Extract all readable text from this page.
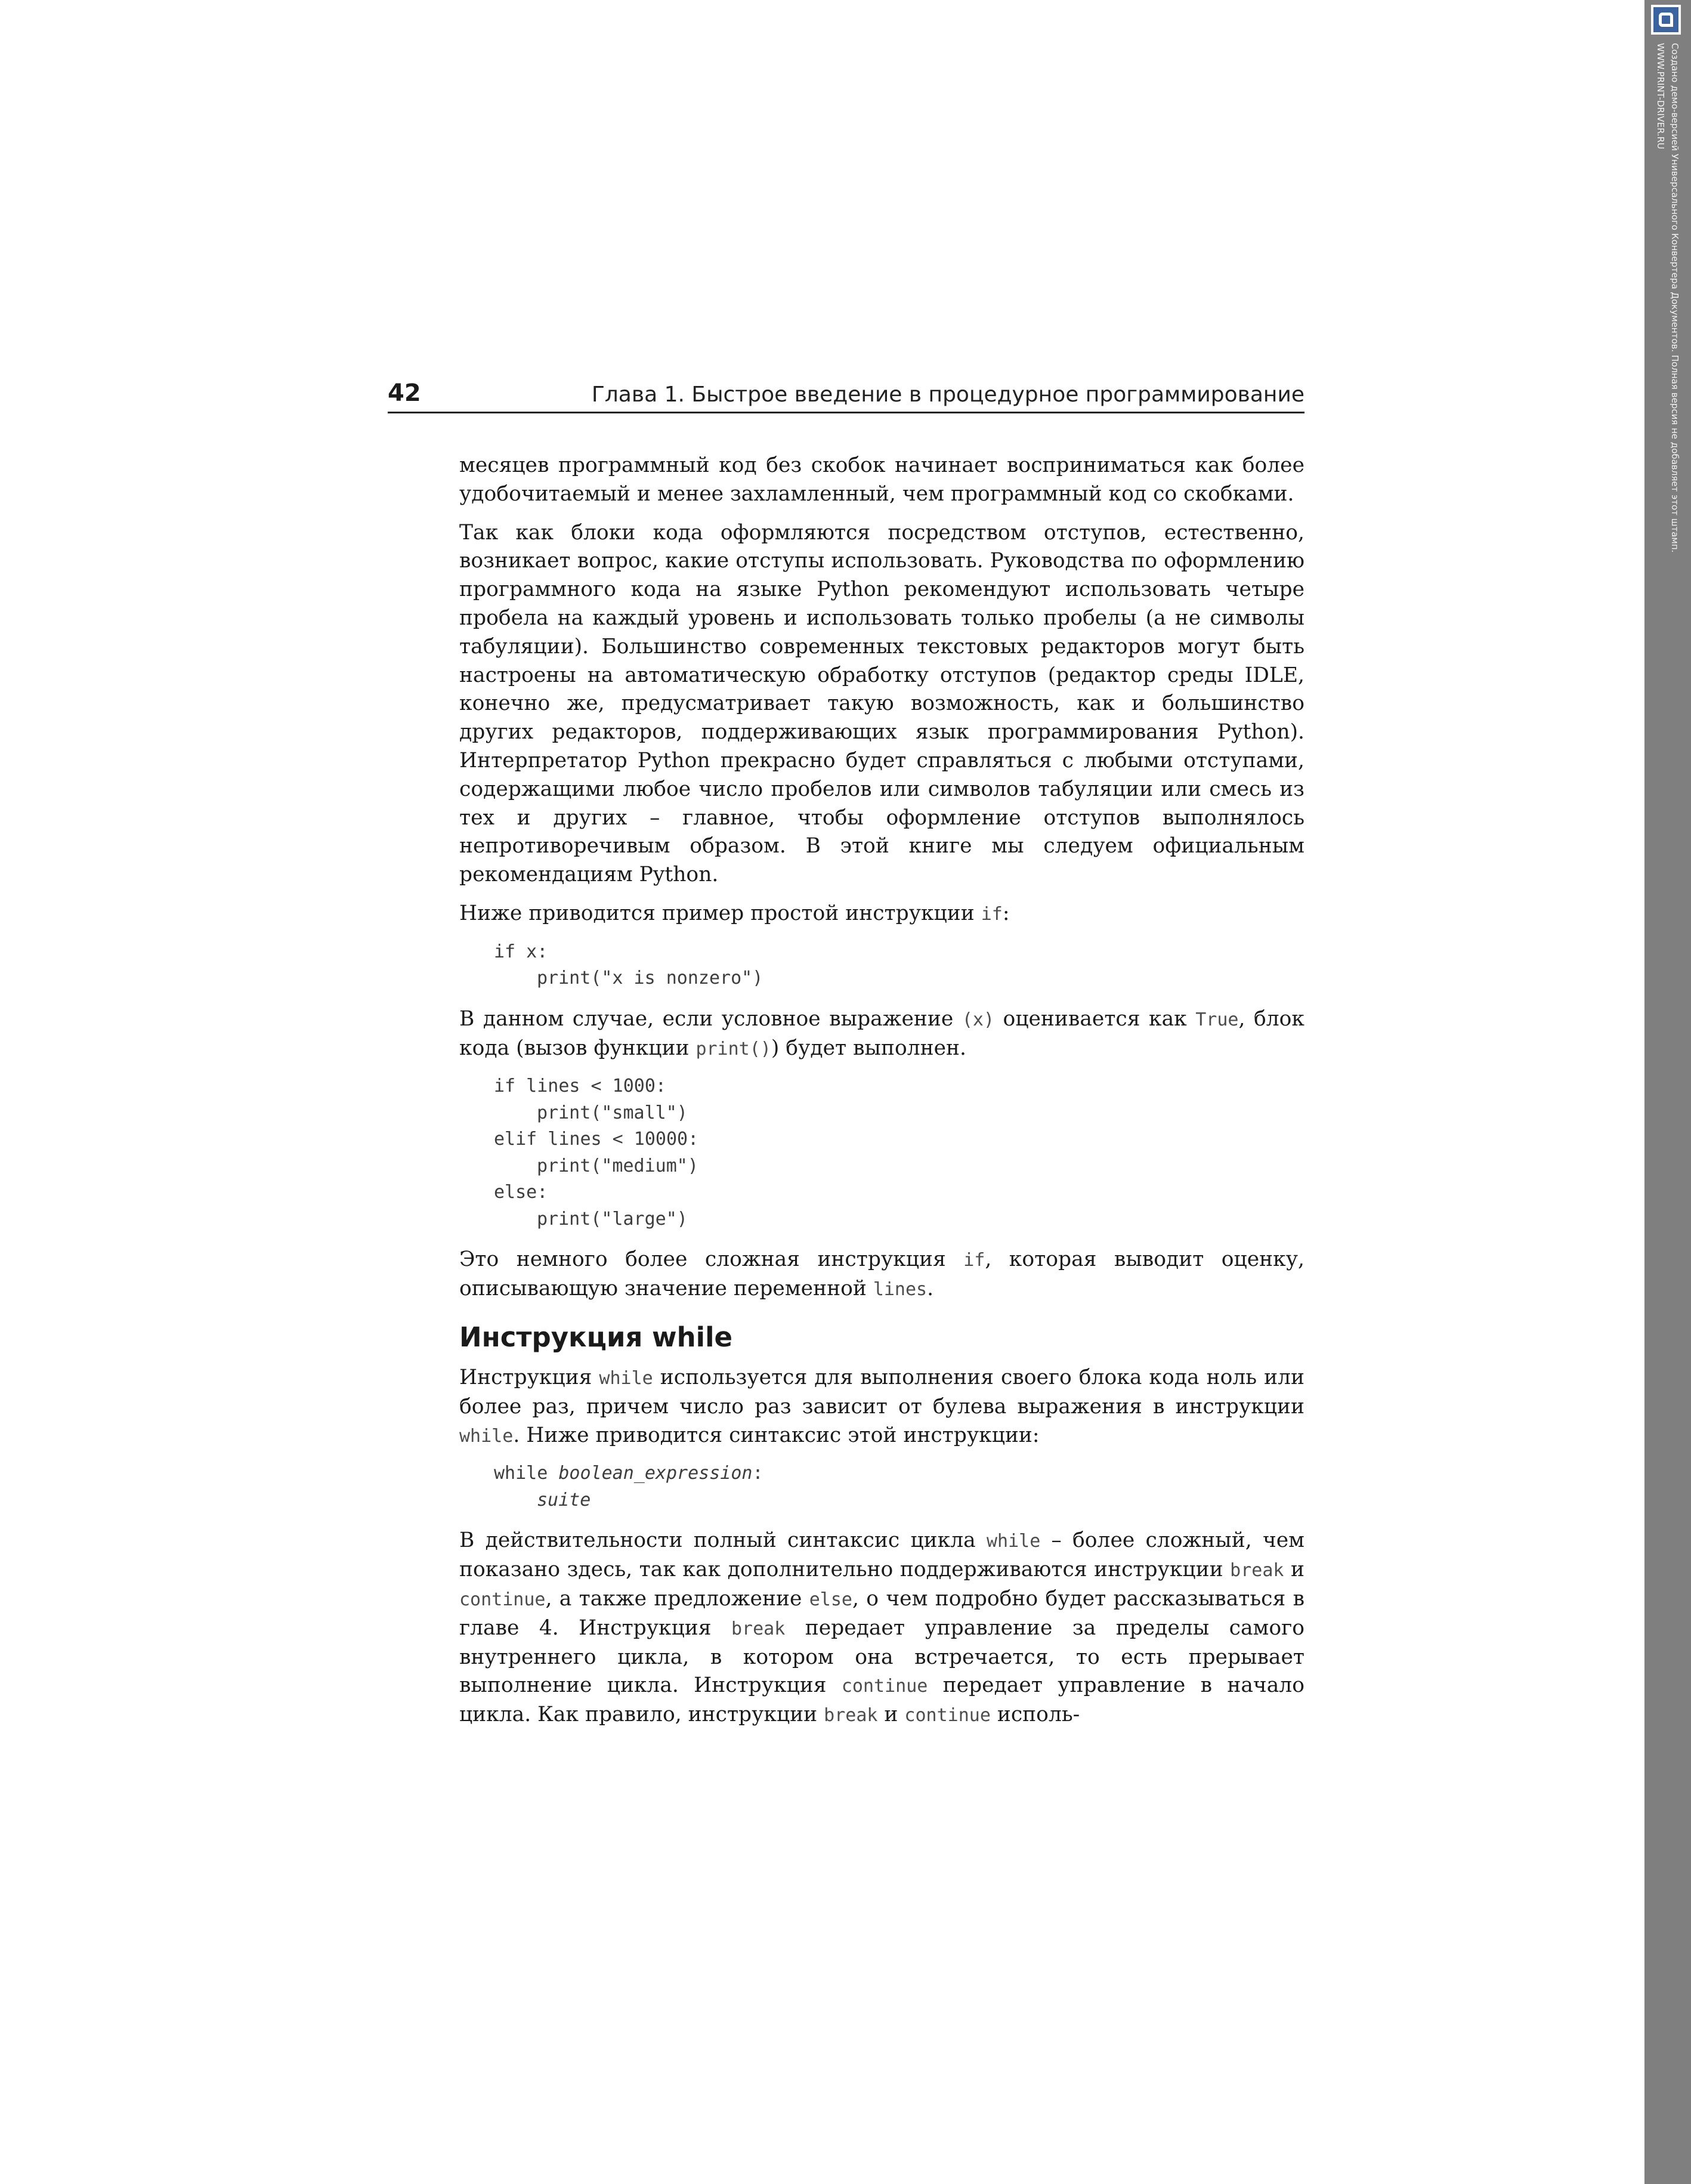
Создано демо-версией Универсального Конвертера Документов. Полная версия не добавляет этот штамп.
WWW.PRINT-DRIVER.RU
42	Глава 1. Быстрое введение в процедурное программирование

месяцев программный код без скобок начинает восприниматься как более удобочитаемый и менее захламленный, чем программный код со скобками.

Так как блоки кода оформляются посредством отступов, естественно, возникает вопрос, какие отступы использовать. Руководства по оформлению программного кода на языке Python рекомендуют использовать четыре пробела на каждый уровень и использовать только пробелы (а не символы табуляции). Большинство современных текстовых редакторов могут быть настроены на автоматическую обработку отступов (редактор среды IDLE, конечно же, предусматривает такую возможность, как и большинство других редакторов, поддерживающих язык программирования Python). Интерпретатор Python прекрасно будет справляться с любыми отступами, содержащими любое число пробелов или символов табуляции или смесь из тех и других – главное, чтобы оформление отступов выполнялось непротиворечивым образом. В этой книге мы следуем официальным рекомендациям Python.

Ниже приводится пример простой инструкции if:

if x:
print("x is nonzero")

В данном случае, если условное выражение (x) оценивается как True, блок кода (вызов функции print()) будет выполнен.

if lines < 1000:
print("small")
elif lines < 10000:
print("medium")
else:
print("large")

Это немного более сложная инструкция if, которая выводит оценку, описывающую значение переменной lines.

Инструкция while

Инструкция while используется для выполнения своего блока кода ноль или более раз, причем число раз зависит от булева выражения в инструкции while. Ниже приводится синтаксис этой инструкции:

while boolean_expression:
suite

В действительности полный синтаксис цикла while – более сложный, чем показано здесь, так как дополнительно поддерживаются инструкции break и continue, а также предложение else, о чем подробно будет рассказываться в главе 4. Инструкция break передает управление за пределы самого внутреннего цикла, в котором она встречается, то есть прерывает выполнение цикла. Инструкция continue передает управление в начало цикла. Как правило, инструкции break и continue исполь-
